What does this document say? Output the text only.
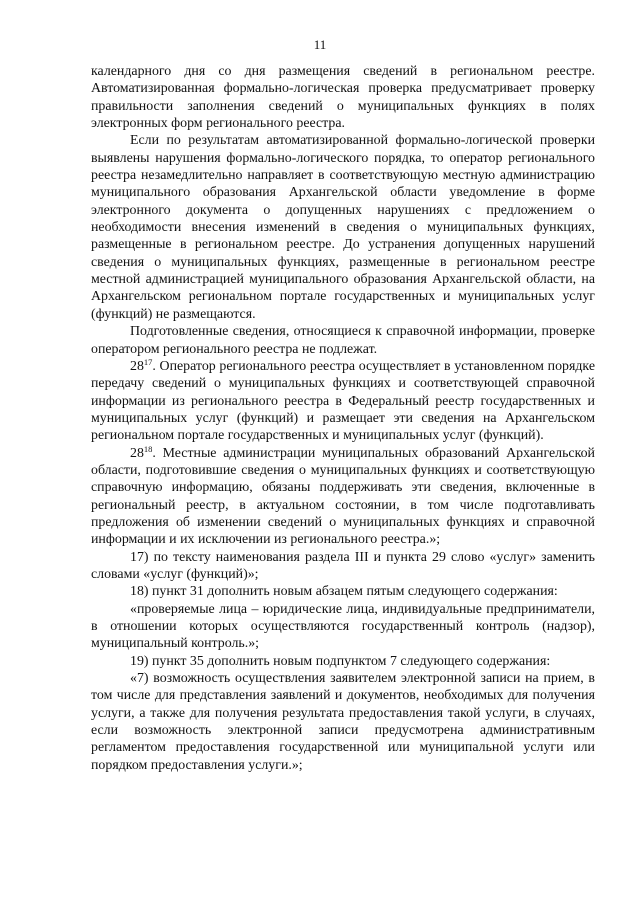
11

календарного дня со дня размещения сведений в региональном реестре. Автоматизированная формально-логическая проверка предусматривает проверку правильности заполнения сведений о муниципальных функциях в полях электронных форм регионального реестра.

Если по результатам автоматизированной формально-логической проверки выявлены нарушения формально-логического порядка, то оператор регионального реестра незамедлительно направляет в соответствующую местную администрацию муниципального образования Архангельской области уведомление в форме электронного документа о допущенных нарушениях с предложением о необходимости внесения изменений в сведения о муниципальных функциях, размещенные в региональном реестре. До устранения допущенных нарушений сведения о муниципальных функциях, размещенные в региональном реестре местной администрацией муниципального образования Архангельской области, на Архангельском региональном портале государственных и муниципальных услуг (функций) не размещаются.

Подготовленные сведения, относящиеся к справочной информации, проверке оператором регионального реестра не подлежат.

$28^{17}$. Оператор регионального реестра осуществляет в установленном порядке передачу сведений о муниципальных функциях и соответствующей справочной информации из регионального реестра в Федеральный реестр государственных и муниципальных услуг (функций) и размещает эти сведения на Архангельском региональном портале государственных и муниципальных услуг (функций).

$28^{18}$. Местные администрации муниципальных образований Архангельской области, подготовившие сведения о муниципальных функциях и соответствующую справочную информацию, обязаны поддерживать эти сведения, включенные в региональный реестр, в актуальном состоянии, в том числе подготавливать предложения об изменении сведений о муниципальных функциях и справочной информации и их исключении из регионального реестра.»;

17) по тексту наименования раздела III и пункта 29 слово «услуг» заменить словами «услуг (функций)»;

18) пункт 31 дополнить новым абзацем пятым следующего содержания:

«проверяемые лица – юридические лица, индивидуальные предприниматели, в отношении которых осуществляются государственный контроль (надзор), муниципальный контроль.»;

19) пункт 35 дополнить новым подпунктом 7 следующего содержания:

«7) возможность осуществления заявителем электронной записи на прием, в том числе для представления заявлений и документов, необходимых для получения услуги, а также для получения результата предоставления такой услуги, в случаях, если возможность электронной записи предусмотрена административным регламентом предоставления государственной или муниципальной услуги или порядком предоставления услуги.»;
